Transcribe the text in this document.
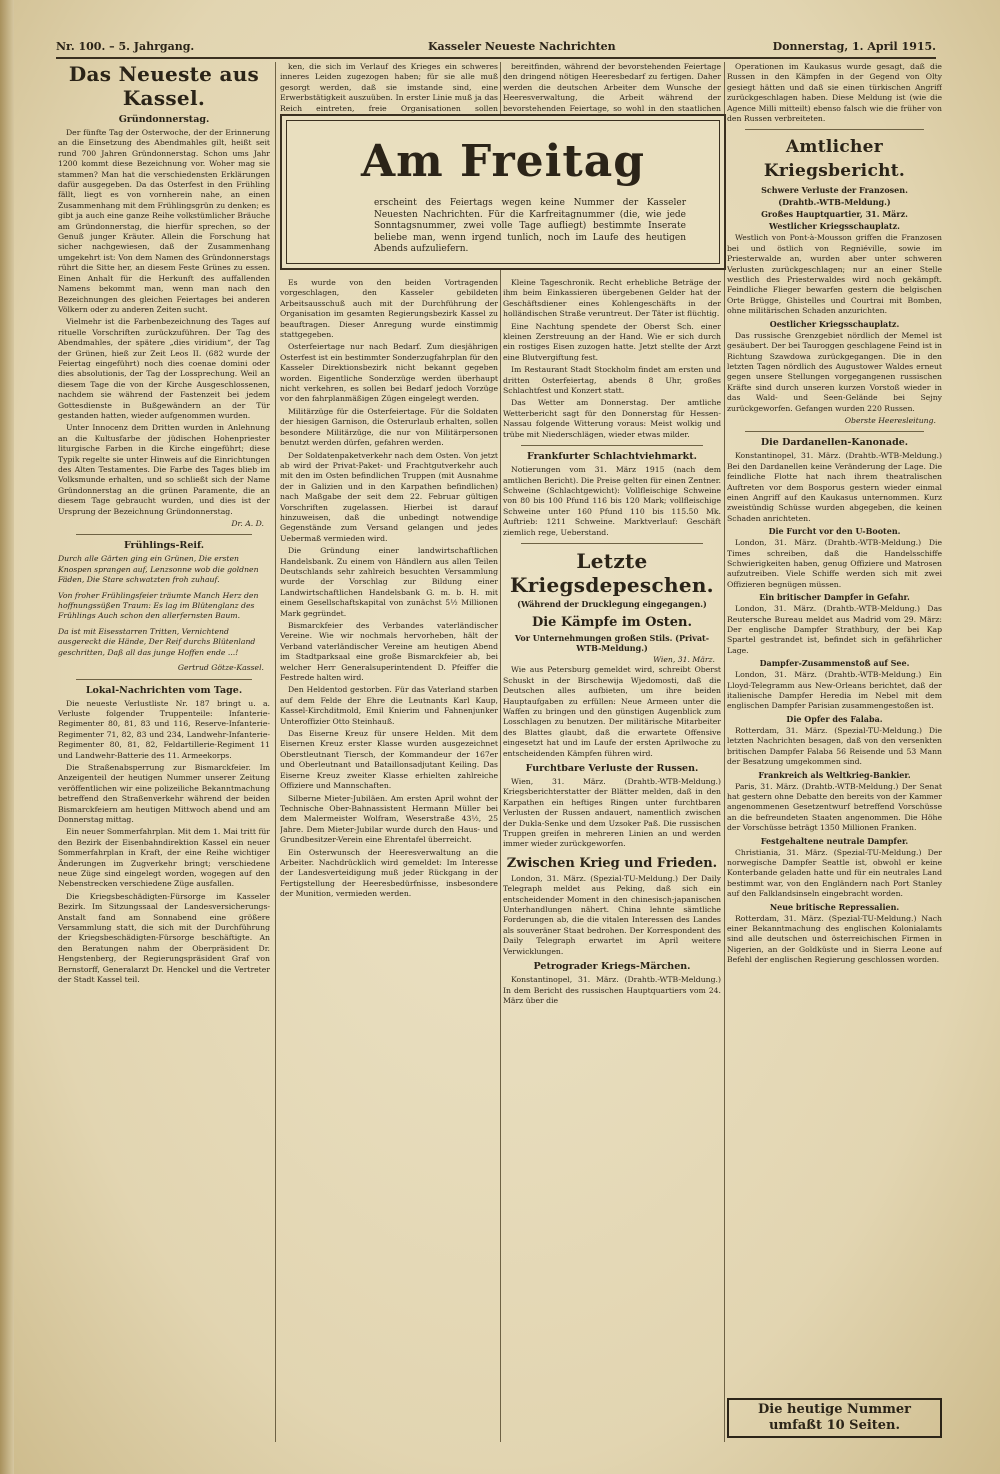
Nr. 100. – 5. Jahrgang.	Kasseler Neueste Nachrichten	Donnerstag, 1. April 1915.
Das Neueste aus Kassel.
Gründonnerstag.

Der fünfte Tag der Osterwoche, der der Erinnerung an die Einsetzung des Abendmahles gilt, heißt seit rund 700 Jahren Gründonnerstag. Schon ums Jahr 1200 kommt diese Bezeichnung vor. Woher mag sie stammen? Man hat die verschiedensten Erklärungen dafür ausgegeben. Da das Osterfest in den Frühling fällt, liegt es von vornherein nahe, an einen Zusammenhang mit dem Frühlingsgrün zu denken; es gibt ja auch eine ganze Reihe volkstümlicher Bräuche am Gründonnerstag, die hierfür sprechen, so der Genuß junger Kräuter. Allein die Forschung hat sicher nachgewiesen, daß der Zusammenhang umgekehrt ist: Von dem Namen des Gründonnerstags rührt die Sitte her, an diesem Feste Grünes zu essen. Einen Anhalt für die Herkunft des auffallenden Namens bekommt man, wenn man nach den Bezeichnungen des gleichen Feiertages bei anderen Völkern oder zu anderen Zeiten sucht.

Vielmehr ist die Farbenbezeichnung des Tages auf rituelle Vorschriften zurückzuführen. Der Tag des Abendmahles, der spätere „dies viridium“, der Tag der Grünen, hieß zur Zeit Leos II. (682 wurde der Feiertag eingeführt) noch dies coenae domini oder dies absolutionis, der Tag der Lossprechung. Weil an diesem Tage die von der Kirche Ausgeschlossenen, nachdem sie während der Fastenzeit bei jedem Gottesdienste in Bußgewändern an der Tür gestanden hatten, wieder aufgenommen wurden.

Unter Innocenz dem Dritten wurden in Anlehnung an die Kultusfarbe der jüdischen Hohenpriester liturgische Farben in die Kirche eingeführt; diese Typik regelte sie unter Hinweis auf die Einrichtungen des Alten Testamentes. Die Farbe des Tages blieb im Volksmunde erhalten, und so schließt sich der Name Gründonnerstag an die grünen Paramente, die an diesem Tage gebraucht wurden, und dies ist der Ursprung der Bezeichnung Gründonnerstag.

Dr. A. D.
Frühlings-Reif.

Durch alle Gärten ging ein Grünen, Die ersten Knospen sprangen auf, Lenzsonne wob die goldnen Fäden, Die Stare schwatzten froh zuhauf.

Von froher Frühlingsfeier träumte Manch Herz den hoffnungssüßen Traum: Es lag im Blütenglanz des Frühlings Auch schon den allerfernsten Baum.

Da ist mit Eisesstarren Tritten, Vernichtend ausgereckt die Hände, Der Reif durchs Blütenland geschritten, Daß all das junge Hoffen ende ...!

Gertrud Götze-Kassel.
Lokal-Nachrichten vom Tage.

Die neueste Verlustliste Nr. 187 bringt u. a. Verluste folgender Truppenteile: Infanterie-Regimenter 80, 81, 83 und 116, Reserve-Infanterie-Regimenter 71, 82, 83 und 234, Landwehr-Infanterie-Regimenter 80, 81, 82, Feldartillerie-Regiment 11 und Landwehr-Batterie des 11. Armeekorps.

Die Straßenabsperrung zur Bismarckfeier. Im Anzeigenteil der heutigen Nummer unserer Zeitung veröffentlichen wir eine polizeiliche Bekanntmachung betreffend den Straßenverkehr während der beiden Bismarckfeiern am heutigen Mittwoch abend und am Donnerstag mittag.

Ein neuer Sommerfahrplan. Mit dem 1. Mai tritt für den Bezirk der Eisenbahndirektion Kassel ein neuer Sommerfahrplan in Kraft, der eine Reihe wichtiger Änderungen im Zugverkehr bringt; verschiedene neue Züge sind eingelegt worden, wogegen auf den Nebenstrecken verschiedene Züge ausfallen.

Die Kriegsbeschädigten-Fürsorge im Kasseler Bezirk. Im Sitzungssaal der Landesversicherungs-Anstalt fand am Sonnabend eine größere Versammlung statt, die sich mit der Durchführung der Kriegsbeschädigten-Fürsorge beschäftigte. An den Beratungen nahm der Oberpräsident Dr. Hengstenberg, der Regierungspräsident Graf von Bernstorff, Generalarzt Dr. Henckel und die Vertreter der Stadt Kassel teil.

Am Freitag
erscheint des Feiertags wegen keine Nummer der Kasseler Neuesten Nachrichten. Für die Karfreitagnummer (die, wie jede Sonntagsnummer, zwei volle Tage aufliegt) bestimmte Inserate beliebe man, wenn irgend tunlich, noch im Laufe des heutigen Abends aufzuliefern.

ken, die sich im Verlauf des Krieges ein schweres inneres Leiden zugezogen haben; für sie alle muß gesorgt werden, daß sie imstande sind, eine Erwerbstätigkeit auszuüben. In erster Linie muß ja das Reich eintreten, freie Organisationen sollen

Es wurde von den beiden Vortragenden vorgeschlagen, den Kasseler gebildeten Arbeitsausschuß auch mit der Durchführung der Organisation im gesamten Regierungsbezirk Kassel zu beauftragen. Dieser Anregung wurde einstimmig stattgegeben.

Osterfeiertage nur nach Bedarf. Zum diesjährigen Osterfest ist ein bestimmter Sonderzugfahrplan für den Kasseler Direktionsbezirk nicht bekannt gegeben worden. Eigentliche Sonderzüge werden überhaupt nicht verkehren, es sollen bei Bedarf jedoch Vorzüge vor den fahrplanmäßigen Zügen eingelegt werden.

Militärzüge für die Osterfeiertage. Für die Soldaten der hiesigen Garnison, die Osterurlaub erhalten, sollen besondere Militärzüge, die nur von Militärpersonen benutzt werden dürfen, gefahren werden.

Der Soldatenpaketverkehr nach dem Osten. Von jetzt ab wird der Privat-Paket- und Frachtgutverkehr auch mit den im Osten befindlichen Truppen (mit Ausnahme der in Galizien und in den Karpathen befindlichen) nach Maßgabe der seit dem 22. Februar gültigen Vorschriften zugelassen. Hierbei ist darauf hinzuweisen, daß die unbedingt notwendige Gegenstände zum Versand gelangen und jedes Uebermaß vermieden wird.

Die Gründung einer landwirtschaftlichen Handelsbank. Zu einem von Händlern aus allen Teilen Deutschlands sehr zahlreich besuchten Versammlung wurde der Vorschlag zur Bildung einer Landwirtschaftlichen Handelsbank G. m. b. H. mit einem Gesellschaftskapital von zunächst 5½ Millionen Mark gegründet.

Bismarckfeier des Verbandes vaterländischer Vereine. Wie wir nochmals hervorheben, hält der Verband vaterländischer Vereine am heutigen Abend im Stadtparksaal eine große Bismarckfeier ab, bei welcher Herr Generalsuperintendent D. Pfeiffer die Festrede halten wird.

Den Heldentod gestorben. Für das Vaterland starben auf dem Felde der Ehre die Leutnants Karl Kaup, Kassel-Kirchditmold, Emil Knierim und Fahnenjunker Unteroffizier Otto Steinhauß.

Das Eiserne Kreuz für unsere Helden. Mit dem Eisernen Kreuz erster Klasse wurden ausgezeichnet Oberstleutnant Tiersch, der Kommandeur der 167er und Oberleutnant und Bataillonsadjutant Keiling. Das Eiserne Kreuz zweiter Klasse erhielten zahlreiche Offiziere und Mannschaften.

Silberne Mieter-Jubiläen. Am ersten April wohnt der Technische Ober-Bahnassistent Hermann Müller bei dem Malermeister Wolfram, Weserstraße 43½, 25 Jahre. Dem Mieter-Jubilar wurde durch den Haus- und Grundbesitzer-Verein eine Ehrentafel überreicht.

Ein Osterwunsch der Heeresverwaltung an die Arbeiter. Nachdrücklich wird gemeldet: Im Interesse der Landesverteidigung muß jeder Rückgang in der Fertigstellung der Heeresbedürfnisse, insbesondere der Munition, vermieden werden.

bereitfinden, während der bevorstehenden Feiertage den dringend nötigen Heeresbedarf zu fertigen. Daher werden die deutschen Arbeiter dem Wunsche der Heeresverwaltung, die Arbeit während der bevorstehenden Feiertage, so wohl in den staatlichen

Kleine Tageschronik. Recht erhebliche Beträge der ihm beim Einkassieren übergebenen Gelder hat der Geschäftsdiener eines Kohlengeschäfts in der holländischen Straße veruntreut. Der Täter ist flüchtig.

Eine Nachtung spendete der Oberst Sch. einer kleinen Zerstreuung an der Hand. Wie er sich durch ein rostiges Eisen zuzogen hatte. Jetzt stellte der Arzt eine Blutvergiftung fest.

Im Restaurant Stadt Stockholm findet am ersten und dritten Osterfeiertag, abends 8 Uhr, großes Schlachtfest und Konzert statt.

Das Wetter am Donnerstag. Der amtliche Wetterbericht sagt für den Donnerstag für Hessen-Nassau folgende Witterung voraus: Meist wolkig und trübe mit Niederschlägen, wieder etwas milder.

Frankfurter Schlachtviehmarkt.

Notierungen vom 31. März 1915 (nach dem amtlichen Bericht). Die Preise gelten für einen Zentner. Schweine (Schlachtgewicht): Vollfleischige Schweine von 80 bis 100 Pfund 116 bis 120 Mark; vollfleischige Schweine unter 160 Pfund 110 bis 115.50 Mk. Auftrieb: 1211 Schweine. Marktverlauf: Geschäft ziemlich rege, Ueberstand.

Letzte Kriegsdepeschen.
(Während der Drucklegung eingegangen.)
Die Kämpfe im Osten.
Vor Unternehmungen großen Stils. (Privat-WTB-Meldung.)
Wien, 31. März.

Wie aus Petersburg gemeldet wird, schreibt Oberst Schuskt in der Birschewija Wjedomosti, daß die Deutschen alles aufbieten, um ihre beiden Hauptaufgaben zu erfüllen: Neue Armeen unter die Waffen zu bringen und den günstigen Augenblick zum Losschlagen zu benutzen. Der militärische Mitarbeiter des Blattes glaubt, daß die erwartete Offensive eingesetzt hat und im Laufe der ersten Aprilwoche zu entscheidenden Kämpfen führen wird.

Furchtbare Verluste der Russen.

Wien, 31. März. (Drahtb.-WTB-Meldung.) Kriegsberichterstatter der Blätter melden, daß in den Karpathen ein heftiges Ringen unter furchtbaren Verlusten der Russen andauert, namentlich zwischen der Dukla-Senke und dem Uzsoker Paß. Die russischen Truppen greifen in mehreren Linien an und werden immer wieder zurückgeworfen.

Zwischen Krieg und Frieden.

London, 31. März. (Spezial-TU-Meldung.) Der Daily Telegraph meldet aus Peking, daß sich ein entscheidender Moment in den chinesisch-japanischen Unterhandlungen nähert. China lehnte sämtliche Forderungen ab, die die vitalen Interessen des Landes als souveräner Staat bedrohen. Der Korrespondent des Daily Telegraph erwartet im April weitere Verwicklungen.

Petrograder Kriegs-Märchen.

Konstantinopel, 31. März. (Drahtb.-WTB-Meldung.) In dem Bericht des russischen Hauptquartiers vom 24. März über die

Operationen im Kaukasus wurde gesagt, daß die Russen in den Kämpfen in der Gegend von Olty gesiegt hätten und daß sie einen türkischen Angriff zurückgeschlagen haben. Diese Meldung ist (wie die Agence Milli mitteilt) ebenso falsch wie die früher von den Russen verbreiteten.

Amtlicher Kriegsbericht.
Schwere Verluste der Franzosen.
(Drahtb.-WTB-Meldung.)
Großes Hauptquartier, 31. März.
Westlicher Kriegsschauplatz.

Westlich von Pont-à-Mousson griffen die Franzosen bei und östlich von Regniéville, sowie im Priesterwalde an, wurden aber unter schweren Verlusten zurückgeschlagen; nur an einer Stelle westlich des Priesterwaldes wird noch gekämpft. Feindliche Flieger bewarfen gestern die belgischen Orte Brügge, Ghistelles und Courtrai mit Bomben, ohne militärischen Schaden anzurichten.

Oestlicher Kriegsschauplatz.

Das russische Grenzgebiet nördlich der Memel ist gesäubert. Der bei Tauroggen geschlagene Feind ist in Richtung Szawdowa zurückgegangen. Die in den letzten Tagen nördlich des Augustower Waldes erneut gegen unsere Stellungen vorgegangenen russischen Kräfte sind durch unseren kurzen Vorstoß wieder in das Wald- und Seen-Gelände bei Sejny zurückgeworfen. Gefangen wurden 220 Russen.

Oberste Heeresleitung.
Die Dardanellen-Kanonade.

Konstantinopel, 31. März. (Drahtb.-WTB-Meldung.) Bei den Dardanellen keine Veränderung der Lage. Die feindliche Flotte hat nach ihrem theatralischen Auftreten vor dem Bosporus gestern wieder einmal einen Angriff auf den Kaukasus unternommen. Kurz zweistündig Schüsse wurden abgegeben, die keinen Schaden anrichteten.

Die Furcht vor den U-Booten.

London, 31. März. (Drahtb.-WTB-Meldung.) Die Times schreiben, daß die Handelsschiffe Schwierigkeiten haben, genug Offiziere und Matrosen aufzutreiben. Viele Schiffe werden sich mit zwei Offizieren begnügen müssen.

Ein britischer Dampfer in Gefahr.

London, 31. März. (Drahtb.-WTB-Meldung.) Das Reutersche Bureau meldet aus Madrid vom 29. März: Der englische Dampfer Strathbury, der bei Kap Spartel gestrandet ist, befindet sich in gefährlicher Lage.

Dampfer-Zusammenstoß auf See.

London, 31. März. (Drahtb.-WTB-Meldung.) Ein Lloyd-Telegramm aus New-Orleans berichtet, daß der italienische Dampfer Heredia im Nebel mit dem englischen Dampfer Parisian zusammengestoßen ist.

Die Opfer des Falaba.

Rotterdam, 31. März. (Spezial-TU-Meldung.) Die letzten Nachrichten besagen, daß von den versenkten britischen Dampfer Falaba 56 Reisende und 53 Mann der Besatzung umgekommen sind.

Frankreich als Weltkrieg-Bankier.

Paris, 31. März. (Drahtb.-WTB-Meldung.) Der Senat hat gestern ohne Debatte den bereits von der Kammer angenommenen Gesetzentwurf betreffend Vorschüsse an die befreundeten Staaten angenommen. Die Höhe der Vorschüsse beträgt 1350 Millionen Franken.

Festgehaltene neutrale Dampfer.

Christiania, 31. März. (Spezial-TU-Meldung.) Der norwegische Dampfer Seattle ist, obwohl er keine Konterbande geladen hatte und für ein neutrales Land bestimmt war, von den Engländern nach Port Stanley auf den Falklandsinseln eingebracht worden.

Neue britische Repressalien.

Rotterdam, 31. März. (Spezial-TU-Meldung.) Nach einer Bekanntmachung des englischen Kolonialamts sind alle deutschen und österreichischen Firmen in Nigerien, an der Goldküste und in Sierra Leone auf Befehl der englischen Regierung geschlossen worden.

Die heutige Nummer umfaßt 10 Seiten.
